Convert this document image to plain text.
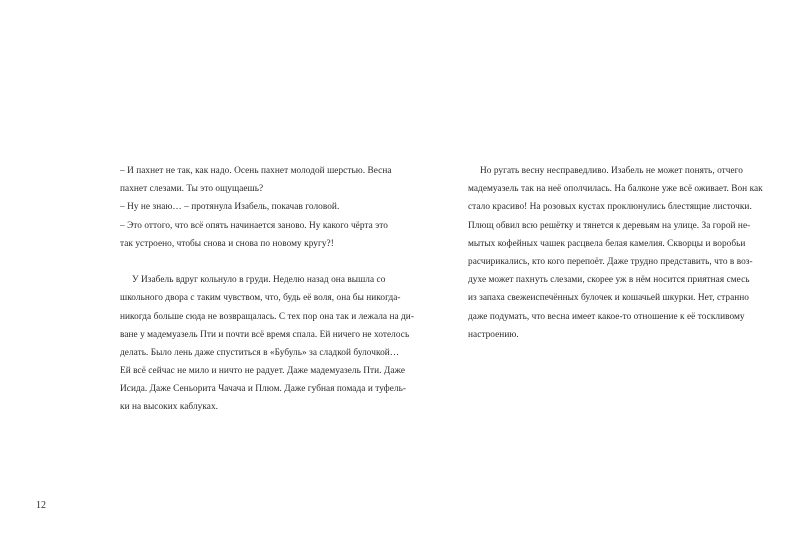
– И пахнет не так, как надо. Осень пахнет молодой шерстью. Весна
пахнет слезами. Ты это ощущаешь?
– Ну не знаю… – протянула Изабель, покачав головой.
– Это оттого, что всё опять начинается заново. Ну какого чёрта это
так устроено, чтобы снова и снова по новому кругу?!
У Изабель вдруг кольнуло в груди. Неделю назад она вышла со
школьного двора с таким чувством, что, будь её воля, она бы никогда-
никогда больше сюда не возвращалась. С тех пор она так и лежала на ди-
ване у мадемуазель Пти и почти всё время спала. Ей ничего не хотелось
делать. Было лень даже спуститься в «Бубуль» за сладкой булочкой…
Ей всё сейчас не мило и ничто не радует. Даже мадемуазель Пти. Даже
Исида. Даже Сеньорита Чачача и Плюм. Даже губная помада и туфель-
ки на высоких каблуках.
12
Но ругать весну несправедливо. Изабель не может понять, отчего
мадемуазель так на неё ополчилась. На балконе уже всё оживает. Вон как
стало красиво! На розовых кустах проклюнулись блестящие листочки.
Плющ обвил всю решётку и тянется к деревьям на улице. За горой не-
мытых кофейных чашек расцвела белая камелия. Скворцы и воробьи
расчирикались, кто кого перепоёт. Даже трудно представить, что в воз-
духе может пахнуть слезами, скорее уж в нём носится приятная смесь
из запаха свежеиспечённых булочек и кошачьей шкурки. Нет, странно
даже подумать, что весна имеет какое-то отношение к её тоскливому
настроению.
